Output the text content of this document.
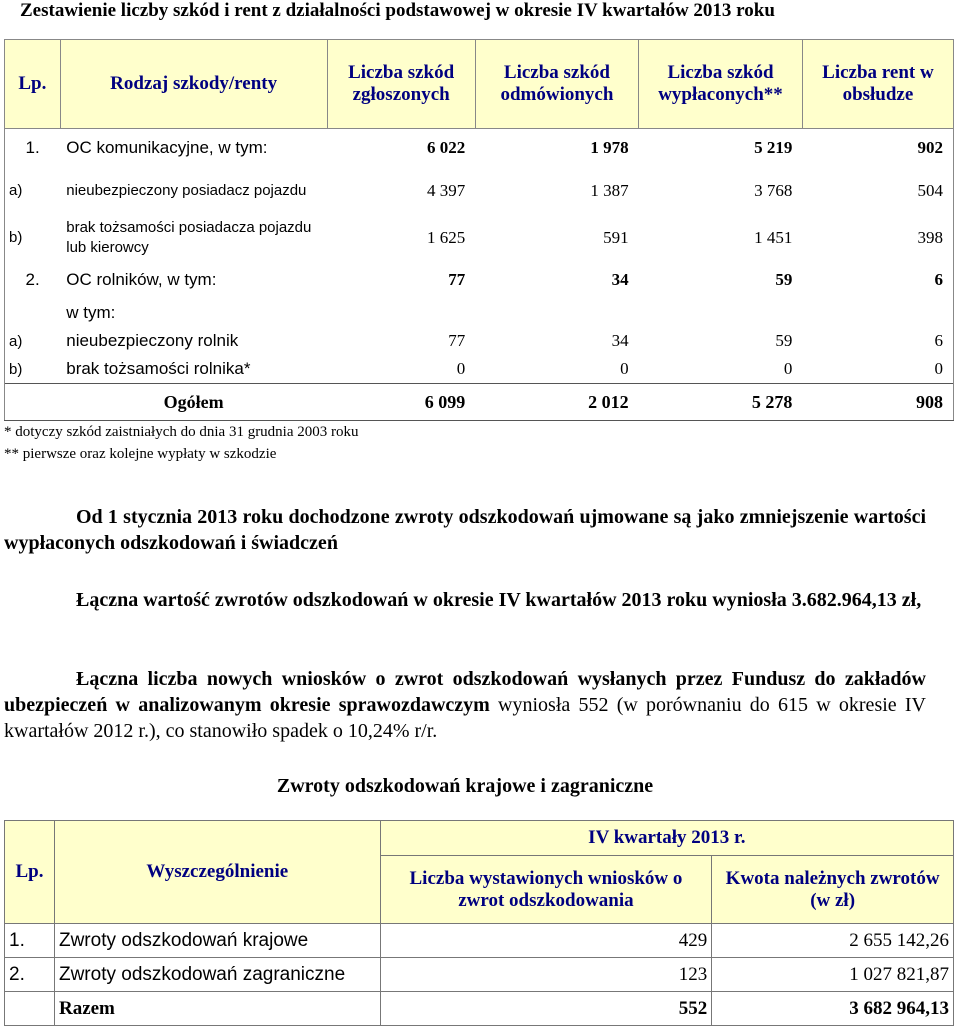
Zestawienie liczby szkód i rent z działalności podstawowej w okresie IV kwartałów 2013 roku
Lp.	Rodzaj szkody/renty	Liczba szkód zgłoszonych	Liczba szkód odmówionych	Liczba szkód wypłaconych**	Liczba rent w obsłudze
1.	OC komunikacyjne, w tym:	6 022	1 978	5 219	902
a)	nieubezpieczony posiadacz pojazdu	4 397	1 387	3 768	504
b)	brak tożsamości posiadacza pojazdu lub kierowcy	1 625	591	1 451	398
2.	OC rolników, w tym:	77	34	59	6
	w tym:				
a)	nieubezpieczony rolnik	77	34	59	6
b)	brak tożsamości rolnika*	0	0	0	0
	Ogółem	6 099	2 012	5 278	908
* dotyczy szkód zaistniałych do dnia 31 grudnia 2003 roku
** pierwsze oraz kolejne wypłaty w szkodzie
Od 1 stycznia 2013 roku dochodzone zwroty odszkodowań ujmowane są jako zmniejszenie wartości wypłaconych odszkodowań i świadczeń
Łączna wartość zwrotów odszkodowań w okresie IV kwartałów 2013 roku wyniosła 3.682.964,13 zł,
Łączna liczba nowych wniosków o zwrot odszkodowań wysłanych przez Fundusz do zakładów ubezpieczeń w analizowanym okresie sprawozdawczym wyniosła 552 (w porównaniu do 615 w okresie IV kwartałów 2012 r.), co stanowiło spadek o 10,24% r/r.
Zwroty odszkodowań krajowe i zagraniczne
Lp.	Wyszczególnienie	IV kwartały 2013 r.	
		Liczba wystawionych wniosków o zwrot odszkodowania	Kwota należnych zwrotów (w zł)
1.	Zwroty odszkodowań krajowe	429	2 655 142,26
2.	Zwroty odszkodowań zagraniczne	123	1 027 821,87
	Razem	552	3 682 964,13
